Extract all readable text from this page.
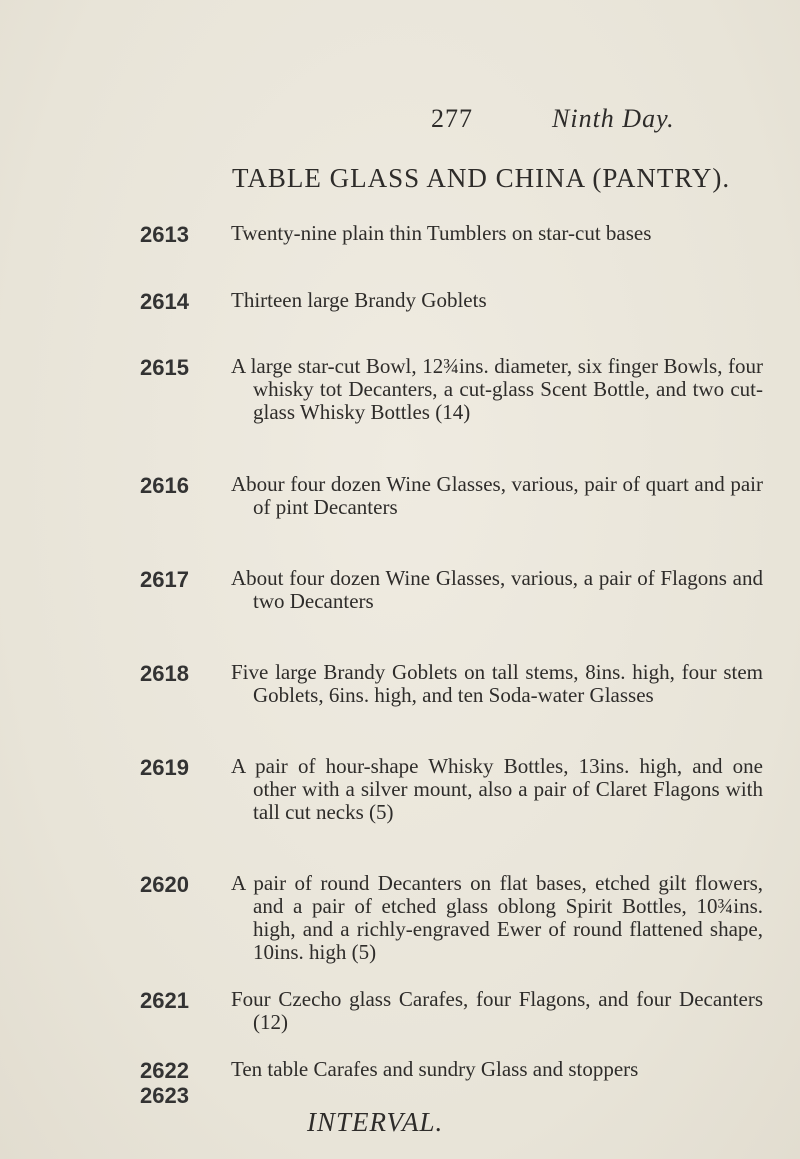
277	Ninth Day.
TABLE GLASS AND CHINA (PANTRY).
2613 Twenty-nine plain thin Tumblers on star-cut bases

2614 Thirteen large Brandy Goblets

2615 A large star-cut Bowl, 12¾ins. diameter, six finger Bowls, four whisky tot Decanters, a cut-glass Scent Bottle, and two cut-glass Whisky Bottles (14)

2616 Abour four dozen Wine Glasses, various, pair of quart and pair of pint Decanters

2617 About four dozen Wine Glasses, various, a pair of Flagons and two Decanters

2618 Five large Brandy Goblets on tall stems, 8ins. high, four stem Goblets, 6ins. high, and ten Soda-water Glasses

2619 A pair of hour-shape Whisky Bottles, 13ins. high, and one other with a silver mount, also a pair of Claret Flagons with tall cut necks (5)

2620 A pair of round Decanters on flat bases, etched gilt flowers, and a pair of etched glass oblong Spirit Bottles, 10¾ins. high, and a richly-engraved Ewer of round flattened shape, 10ins. high (5)

2621 Four Czecho glass Carafes, four Flagons, and four Decanters (12)

2622 Ten table Carafes and sundry Glass and stoppers

2623
INTERVAL.
